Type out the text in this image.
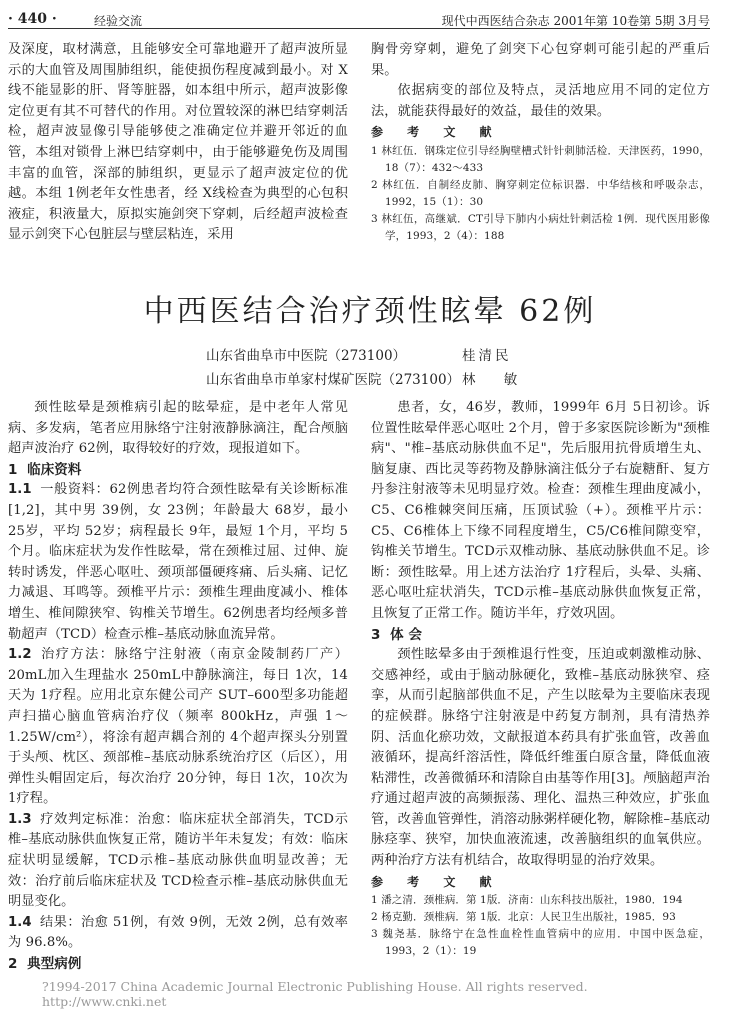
· 440 ·	经验交流	现代中西医结合杂志 2001年第 10卷第 5期 3月号

及深度，取材满意，且能够安全可靠地避开了超声波所显示的大血管及周围肺组织，能使损伤程度减到最小。对 X线不能显影的肝、肾等脏器，如本组中所示，超声波影像定位更有其不可替代的作用。对位置较深的淋巴结穿刺活检，超声波显像引导能够使之准确定位并避开邻近的血管，本组对锁骨上淋巴结穿刺中，由于能够避免伤及周围丰富的血管，深部的肺组织，更显示了超声波定位的优越。本组 1例老年女性患者，经 X线检查为典型的心包积液症，积液量大，原拟实施剑突下穿刺，后经超声波检查显示剑突下心包脏层与壁层粘连，采用

胸骨旁穿刺，避免了剑突下心包穿刺可能引起的严重后果。

依据病变的部位及特点，灵活地应用不同的定位方法，就能获得最好的效益，最佳的效果。

参 考 文 献

1 林红伍．钢珠定位引导经胸壁槽式针针刺肺活检．天津医药，1990，18（7）：432～433

2 林红伍．自制经皮肺、胸穿刺定位标识器．中华结核和呼吸杂志，1992，15（1）：30

3 林红伍，高继斌．CT引导下肺内小病灶针刺活检 1例．现代医用影像学，1993，2（4）：188

中西医结合治疗颈性眩晕 62例
山东省曲阜市中医院（273100）	桂清民
山东省曲阜市单家村煤矿医院（273100） 林 敏

颈性眩晕是颈椎病引起的眩晕症，是中老年人常见病、多发病，笔者应用脉络宁注射液静脉滴注，配合颅脑超声波治疗 62例，取得较好的疗效，现报道如下。

1 临床资料

1.1 一般资料：62例患者均符合颈性眩晕有关诊断标准[1,2]，其中男 39例，女 23例；年龄最大 68岁，最小 25岁，平均 52岁；病程最长 9年，最短 1个月，平均 5个月。临床症状为发作性眩晕，常在颈椎过屈、过伸、旋转时诱发，伴恶心呕吐、颈项部僵硬疼痛、后头痛、记忆力减退、耳鸣等。颈椎平片示：颈椎生理曲度减小、椎体增生、椎间隙狭窄、钩椎关节增生。62例患者均经颅多普勒超声（TCD）检查示椎–基底动脉血流异常。

1.2 治疗方法：脉络宁注射液（南京金陵制药厂产）20mL加入生理盐水 250mL中静脉滴注，每日 1次，14天为 1疗程。应用北京东健公司产 SUT–600型多功能超声扫描心脑血管病治疗仪（频率 800kHz，声强 1～1.25W/cm²），将涂有超声耦合剂的 4个超声探头分别置于头颅、枕区、颈部椎–基底动脉系统治疗区（后区），用弹性头帽固定后，每次治疗 20分钟，每日 1次，10次为 1疗程。

1.3 疗效判定标准：治愈：临床症状全部消失，TCD示椎–基底动脉供血恢复正常，随访半年未复发；有效：临床症状明显缓解，TCD示椎–基底动脉供血明显改善；无效：治疗前后临床症状及 TCD检查示椎–基底动脉供血无明显变化。

1.4 结果：治愈 51例，有效 9例，无效 2例，总有效率为 96.8%。

2 典型病例

患者，女，46岁，教师，1999年 6月 5日初诊。诉位置性眩晕伴恶心呕吐 2个月，曾于多家医院诊断为"颈椎病"、"椎–基底动脉供血不足"，先后服用抗骨质增生丸、脑复康、西比灵等药物及静脉滴注低分子右旋糖酐、复方丹参注射液等未见明显疗效。检查：颈椎生理曲度减小，C5、C6椎棘突间压痛，压顶试验（+）。颈椎平片示：C5、C6椎体上下缘不同程度增生，C5/C6椎间隙变窄，钩椎关节增生。TCD示双椎动脉、基底动脉供血不足。诊断：颈性眩晕。用上述方法治疗 1疗程后，头晕、头痛、恶心呕吐症状消失，TCD示椎–基底动脉供血恢复正常，且恢复了正常工作。随访半年，疗效巩固。

3 体 会

颈性眩晕多由于颈椎退行性变，压迫或刺激椎动脉、交感神经，或由于脑动脉硬化，致椎–基底动脉狭窄、痉挛，从而引起脑部供血不足，产生以眩晕为主要临床表现的症候群。脉络宁注射液是中药复方制剂，具有清热养阴、活血化瘀功效，文献报道本药具有扩张血管，改善血液循环，提高纤溶活性，降低纤维蛋白原含量，降低血液粘滞性，改善微循环和清除自由基等作用[3]。颅脑超声治疗通过超声波的高频振荡、理化、温热三种效应，扩张血管，改善血管弹性，消溶动脉粥样硬化物，解除椎–基底动脉痉挛、狭窄，加快血液流速，改善脑组织的血氧供应。两种治疗方法有机结合，故取得明显的治疗效果。

参 考 文 献

1 潘之清．颈椎病．第 1版．济南：山东科技出版社，1980．194

2 杨克勤．颈椎病．第 1版．北京：人民卫生出版社，1985．93

3 魏尧基．脉络宁在急性血栓性血管病中的应用．中国中医急症，1993，2（1）：19

?1994-2017 China Academic Journal Electronic Publishing House. All rights reserved. http://www.cnki.net
